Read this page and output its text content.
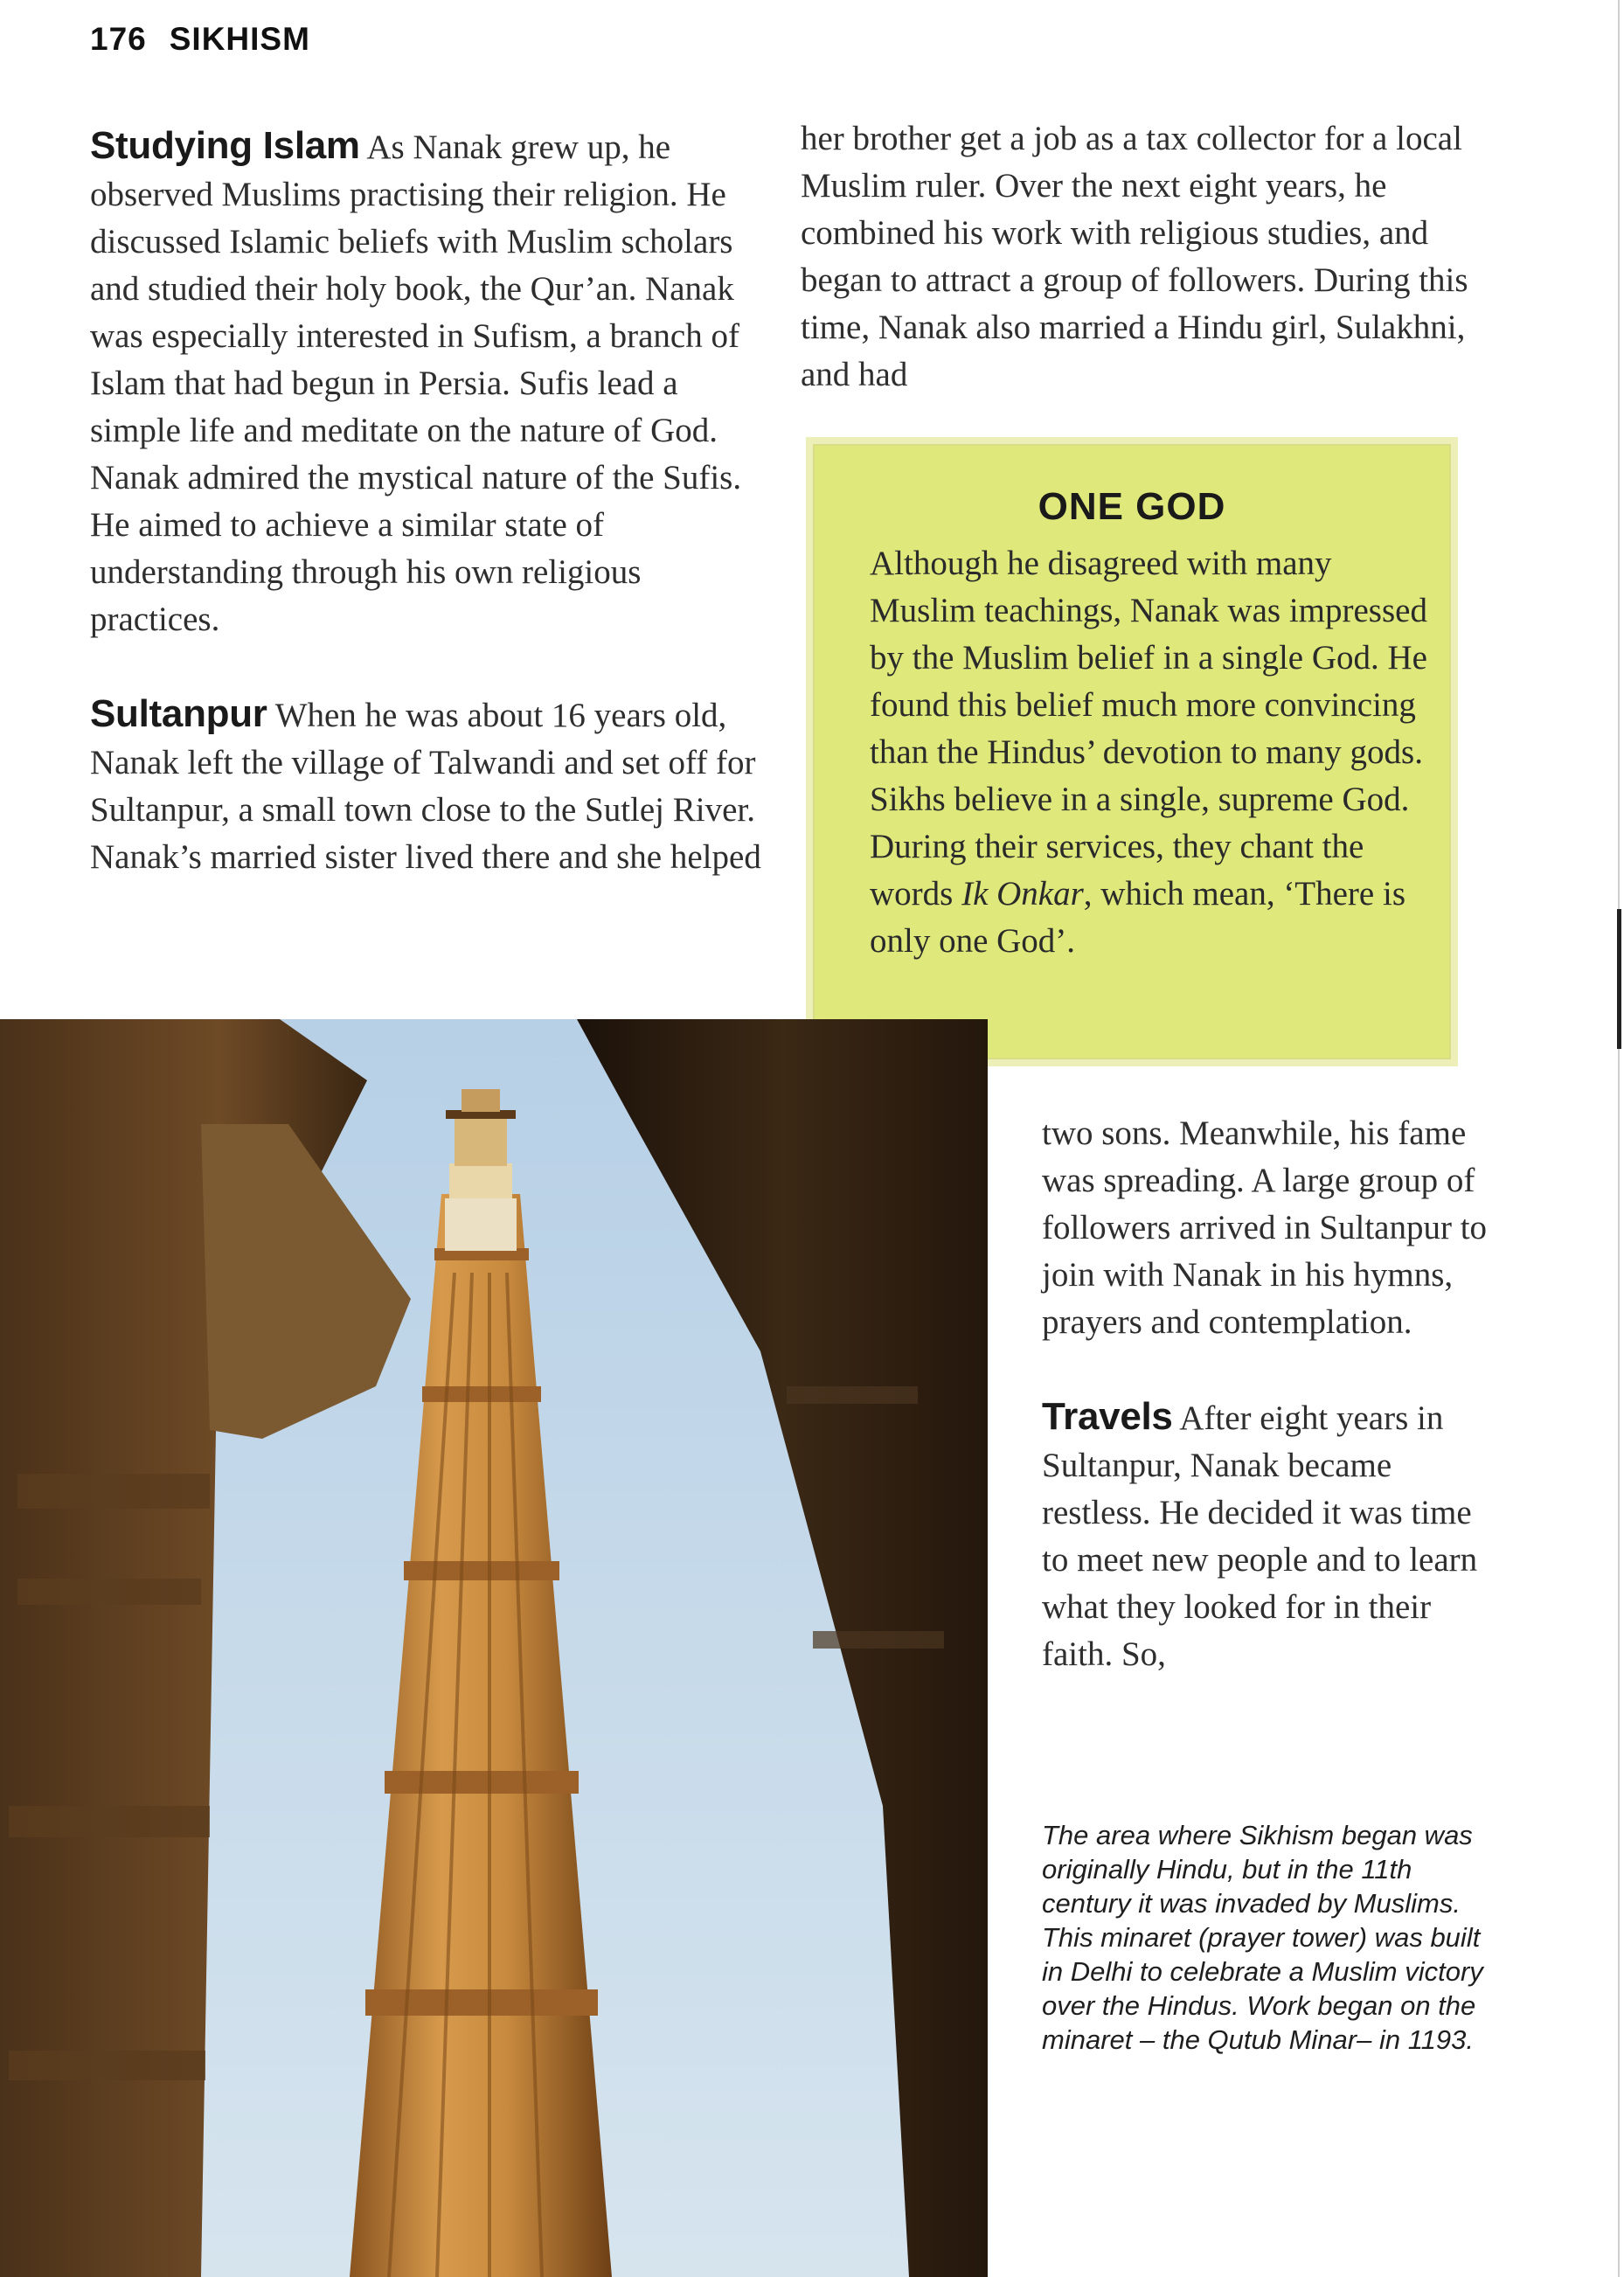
176 SIKHISM

Studying Islam As Nanak grew up, he observed Muslims practising their religion. He discussed Islamic beliefs with Muslim scholars and studied their holy book, the Qur’an. Nanak was especially interested in Sufism, a branch of Islam that had begun in Persia. Sufis lead a simple life and meditate on the nature of God. Nanak admired the mystical nature of the Sufis. He aimed to achieve a similar state of understanding through his own religious practices.

Sultanpur When he was about 16 years old, Nanak left the village of Talwandi and set off for Sultanpur, a small town close to the Sutlej River. Nanak’s married sister lived there and she helped

her brother get a job as a tax collector for a local Muslim ruler. Over the next eight years, he combined his work with religious studies, and began to attract a group of followers. During this time, Nanak also married a Hindu girl, Sulakhni, and had

ONE GOD

Although he disagreed with many Muslim teachings, Nanak was impressed by the Muslim belief in a single God. He found this belief much more convincing than the Hindus’ devotion to many gods. Sikhs believe in a single, supreme God. During their services, they chant the words Ik Onkar, which mean, ‘There is only one God’.

two sons. Meanwhile, his fame was spreading. A large group of followers arrived in Sultanpur to join with Nanak in his hymns, prayers and contemplation.

Travels After eight years in Sultanpur, Nanak became restless. He decided it was time to meet new people and to learn what they looked for in their faith. So,

The area where Sikhism began was originally Hindu, but in the 11th century it was invaded by Muslims. This minaret (prayer tower) was built in Delhi to celebrate a Muslim victory over the Hindus. Work began on the minaret – the Qutub Minar– in 1193.
